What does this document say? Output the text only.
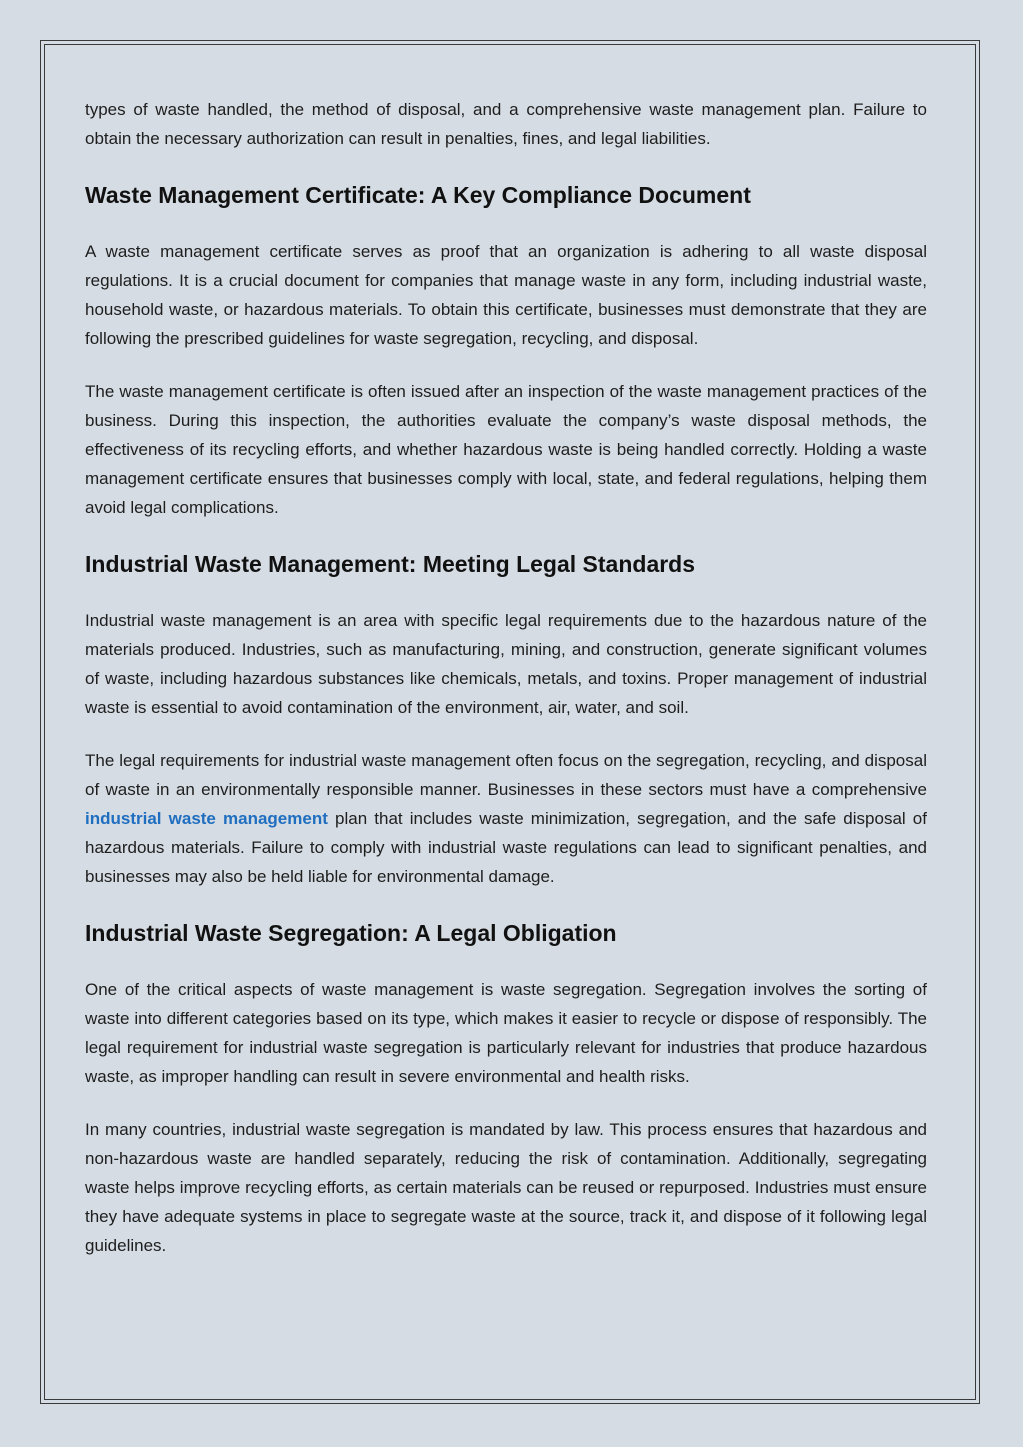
types of waste handled, the method of disposal, and a comprehensive waste management plan. Failure to obtain the necessary authorization can result in penalties, fines, and legal liabilities.

Waste Management Certificate: A Key Compliance Document

A waste management certificate serves as proof that an organization is adhering to all waste disposal regulations. It is a crucial document for companies that manage waste in any form, including industrial waste, household waste, or hazardous materials. To obtain this certificate, businesses must demonstrate that they are following the prescribed guidelines for waste segregation, recycling, and disposal.

The waste management certificate is often issued after an inspection of the waste management practices of the business. During this inspection, the authorities evaluate the company’s waste disposal methods, the effectiveness of its recycling efforts, and whether hazardous waste is being handled correctly. Holding a waste management certificate ensures that businesses comply with local, state, and federal regulations, helping them avoid legal complications.

Industrial Waste Management: Meeting Legal Standards

Industrial waste management is an area with specific legal requirements due to the hazardous nature of the materials produced. Industries, such as manufacturing, mining, and construction, generate significant volumes of waste, including hazardous substances like chemicals, metals, and toxins. Proper management of industrial waste is essential to avoid contamination of the environment, air, water, and soil.

The legal requirements for industrial waste management often focus on the segregation, recycling, and disposal of waste in an environmentally responsible manner. Businesses in these sectors must have a comprehensive industrial waste management plan that includes waste minimization, segregation, and the safe disposal of hazardous materials. Failure to comply with industrial waste regulations can lead to significant penalties, and businesses may also be held liable for environmental damage.

Industrial Waste Segregation: A Legal Obligation

One of the critical aspects of waste management is waste segregation. Segregation involves the sorting of waste into different categories based on its type, which makes it easier to recycle or dispose of responsibly. The legal requirement for industrial waste segregation is particularly relevant for industries that produce hazardous waste, as improper handling can result in severe environmental and health risks.

In many countries, industrial waste segregation is mandated by law. This process ensures that hazardous and non-hazardous waste are handled separately, reducing the risk of contamination. Additionally, segregating waste helps improve recycling efforts, as certain materials can be reused or repurposed. Industries must ensure they have adequate systems in place to segregate waste at the source, track it, and dispose of it following legal guidelines.
